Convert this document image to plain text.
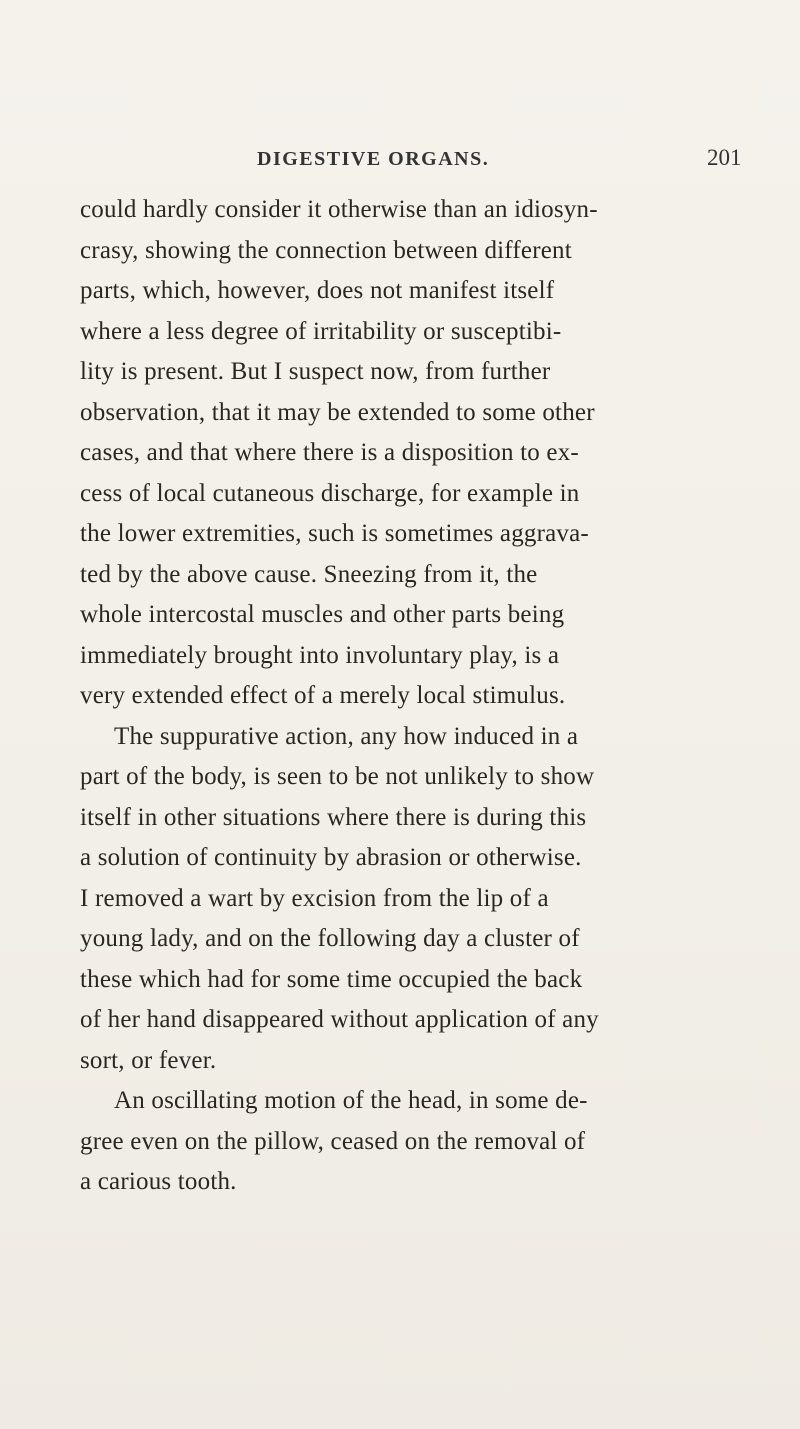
DIGESTIVE ORGANS.	201
could hardly consider it otherwise than an idiosyn-
crasy, showing the connection between different
parts, which, however, does not manifest itself
where a less degree of irritability or susceptibi-
lity is present. But I suspect now, from further
observation, that it may be extended to some other
cases, and that where there is a disposition to ex-
cess of local cutaneous discharge, for example in
the lower extremities, such is sometimes aggrava-
ted by the above cause. Sneezing from it, the
whole intercostal muscles and other parts being
immediately brought into involuntary play, is a
very extended effect of a merely local stimulus.
The suppurative action, any how induced in a
part of the body, is seen to be not unlikely to show
itself in other situations where there is during this
a solution of continuity by abrasion or otherwise.
I removed a wart by excision from the lip of a
young lady, and on the following day a cluster of
these which had for some time occupied the back
of her hand disappeared without application of any
sort, or fever.
An oscillating motion of the head, in some de-
gree even on the pillow, ceased on the removal of
a carious tooth.
